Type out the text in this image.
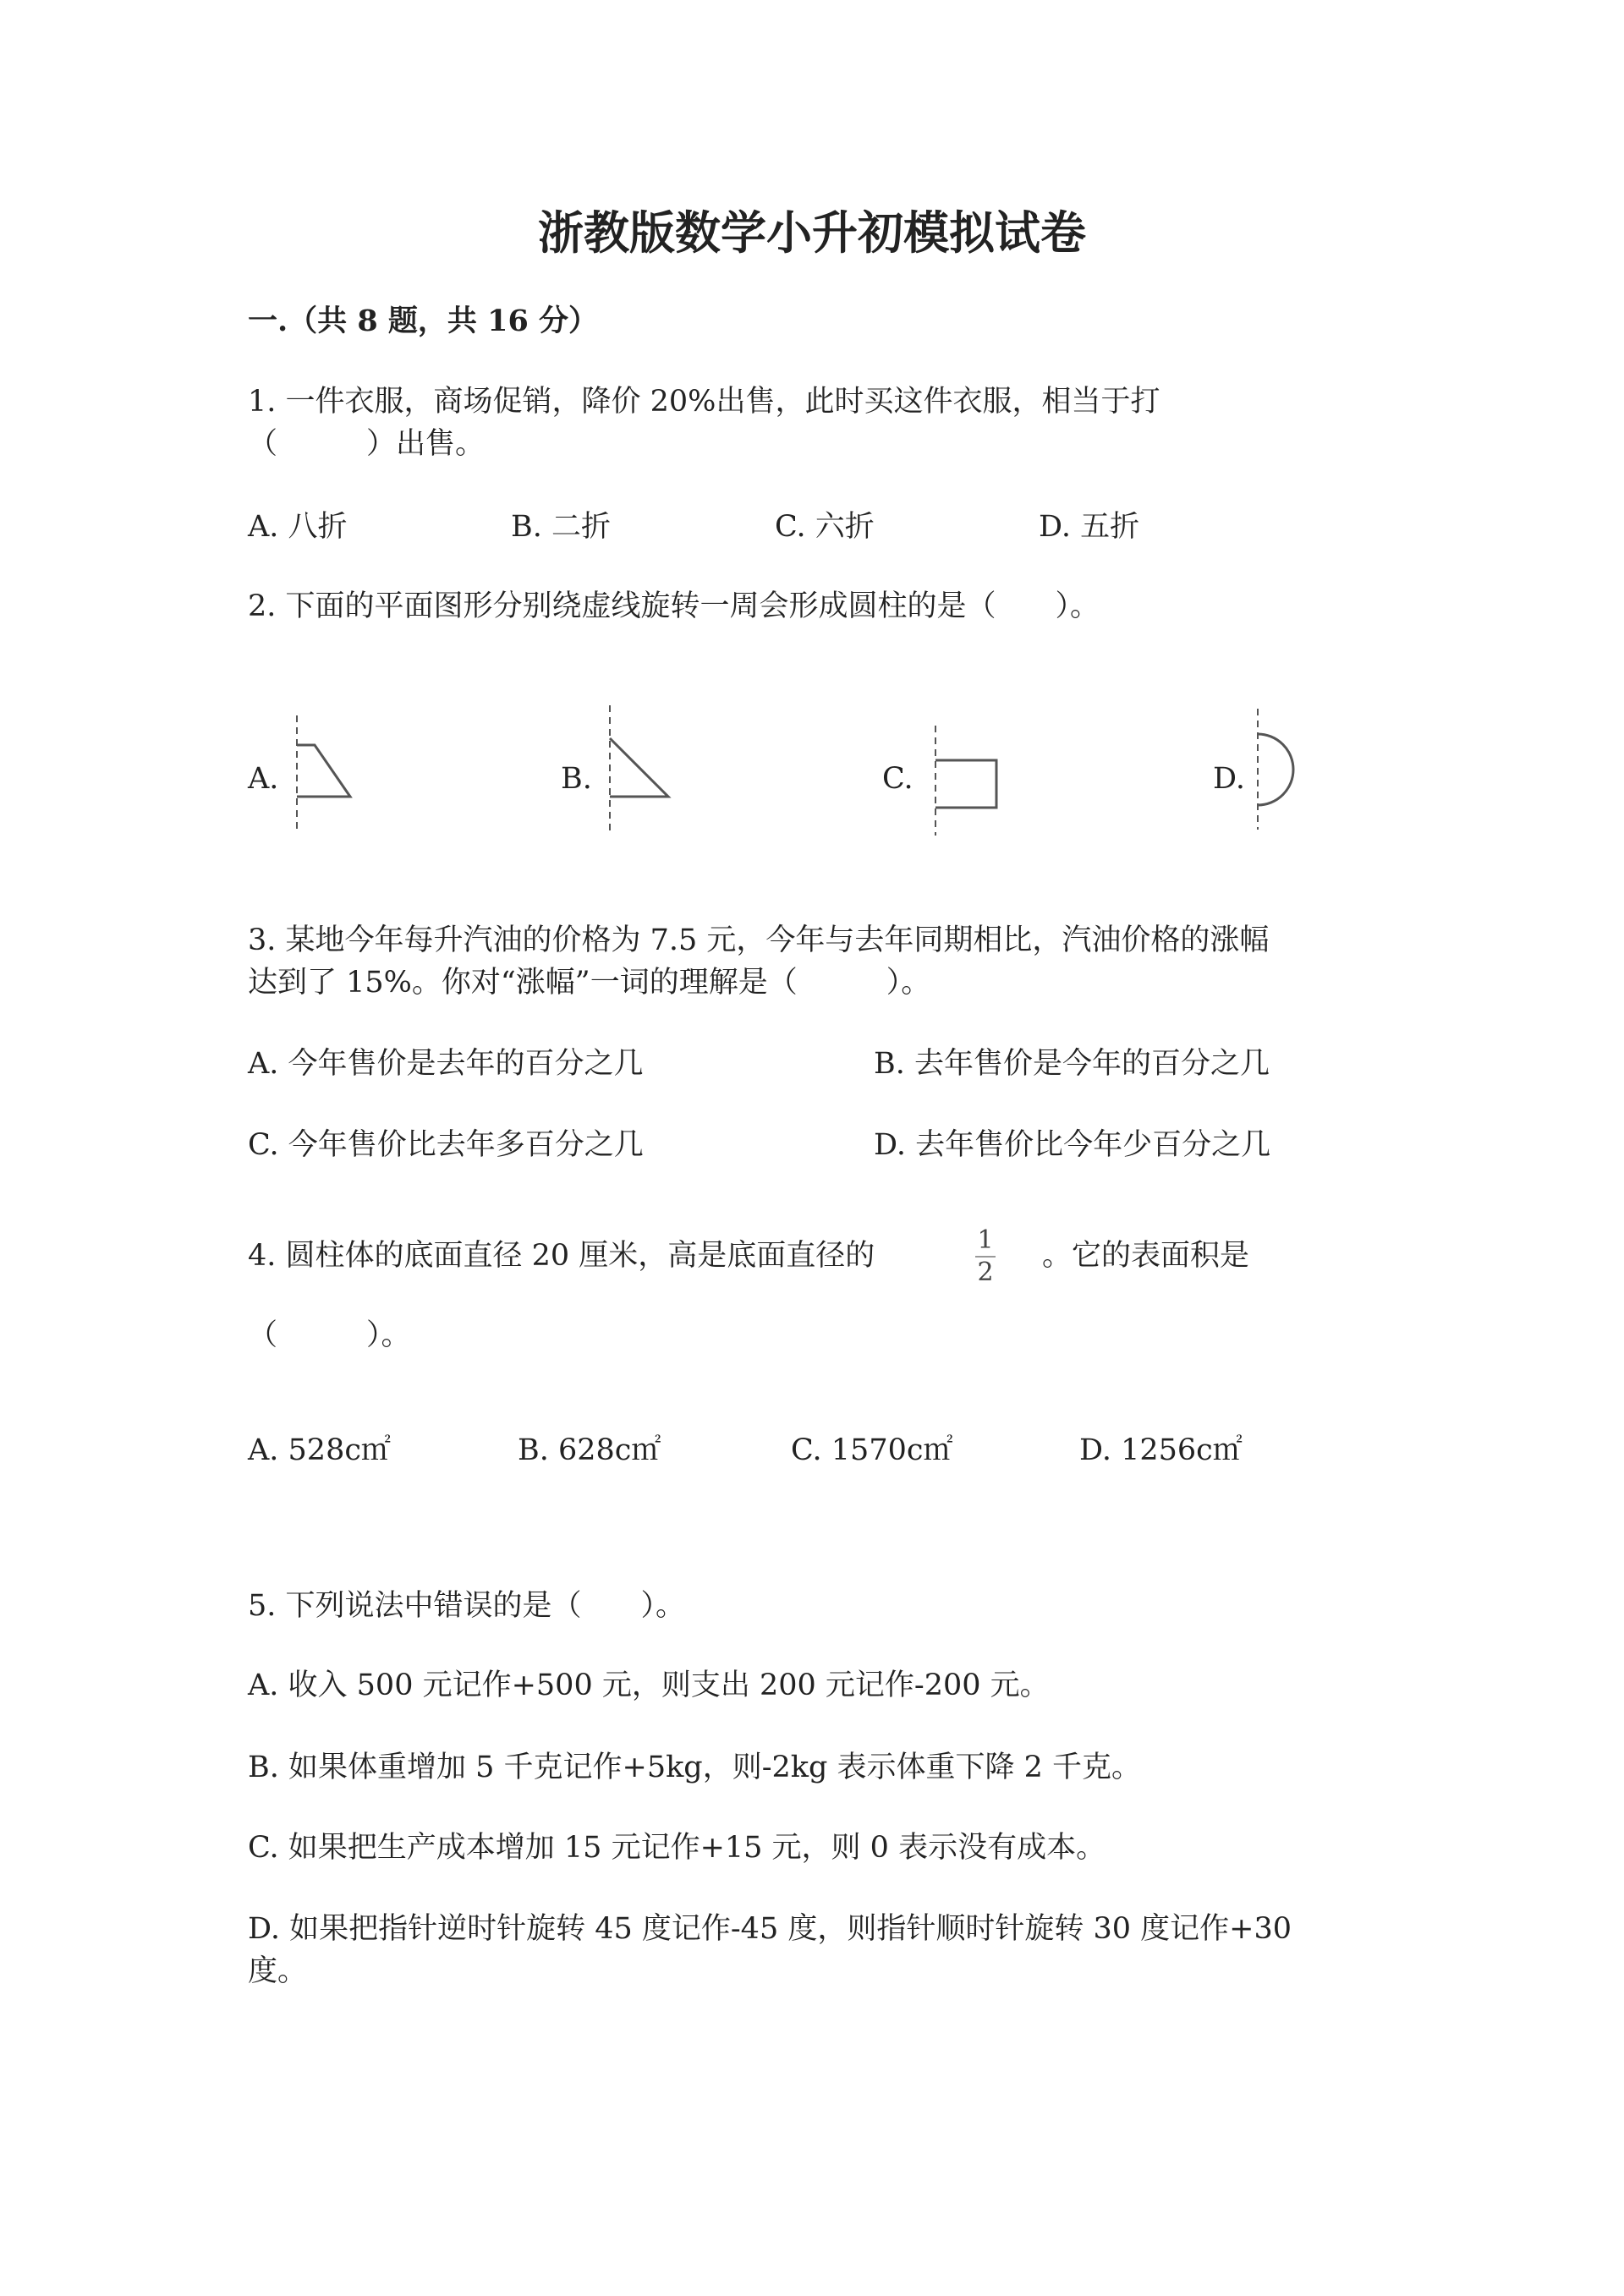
浙教版数学小升初模拟试卷
一.（共 8 题，共 16 分）
1. 一件衣服，商场促销，降价 20%出售，此时买这件衣服，相当于打
（　　　）出售。
A. 八折	B. 二折	C. 六折	D. 五折
2. 下面的平面图形分别绕虚线旋转一周会形成圆柱的是（　　）。
A.	B.	C.	D.
3. 某地今年每升汽油的价格为 7.5 元，今年与去年同期相比，汽油价格的涨幅
达到了 15%。你对“涨幅”一词的理解是（　　　）。
A. 今年售价是去年的百分之几	B. 去年售价是今年的百分之几
C. 今年售价比去年多百分之几	D. 去年售价比今年少百分之几
4. 圆柱体的底面直径 20 厘米，高是底面直径的	1
2 。它的表面积是
（　　　）。
A. 528c㎡	B. 628c㎡	C. 1570c㎡	D. 1256c㎡
5. 下列说法中错误的是（　　）。
A. 收入 500 元记作+500 元，则支出 200 元记作-200 元。
B. 如果体重增加 5 千克记作+5kg，则-2kg 表示体重下降 2 千克。
C. 如果把生产成本增加 15 元记作+15 元，则 0 表示没有成本。
D. 如果把指针逆时针旋转 45 度记作-45 度，则指针顺时针旋转 30 度记作+30
度。
